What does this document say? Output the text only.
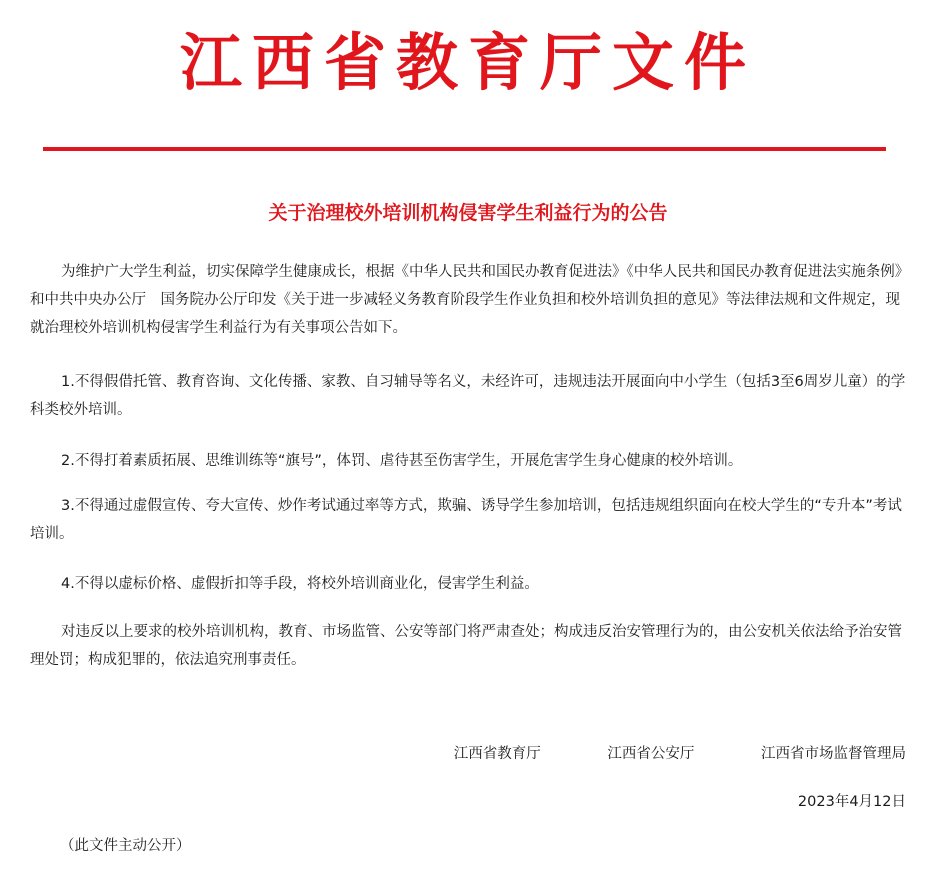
江西省教育厅文件
关于治理校外培训机构侵害学生利益行为的公告

为维护广大学生利益，切实保障学生健康成长，根据《中华人民共和国民办教育促进法》《中华人民共和国民办教育促进法实施条例》和中共中央办公厅　国务院办公厅印发《关于进一步减轻义务教育阶段学生作业负担和校外培训负担的意见》等法律法规和文件规定，现就治理校外培训机构侵害学生利益行为有关事项公告如下。

1.不得假借托管、教育咨询、文化传播、家教、自习辅导等名义，未经许可，违规违法开展面向中小学生（包括3至6周岁儿童）的学科类校外培训。

2.不得打着素质拓展、思维训练等“旗号”，体罚、虐待甚至伤害学生，开展危害学生身心健康的校外培训。

3.不得通过虚假宣传、夸大宣传、炒作考试通过率等方式，欺骗、诱导学生参加培训，包括违规组织面向在校大学生的“专升本”考试培训。

4.不得以虚标价格、虚假折扣等手段，将校外培训商业化，侵害学生利益。

对违反以上要求的校外培训机构，教育、市场监管、公安等部门将严肃查处；构成违反治安管理行为的，由公安机关依法给予治安管理处罚；构成犯罪的，依法追究刑事责任。

江西省教育厅	江西省公安厅	江西省市场监督管理局
2023年4月12日
（此文件主动公开）
